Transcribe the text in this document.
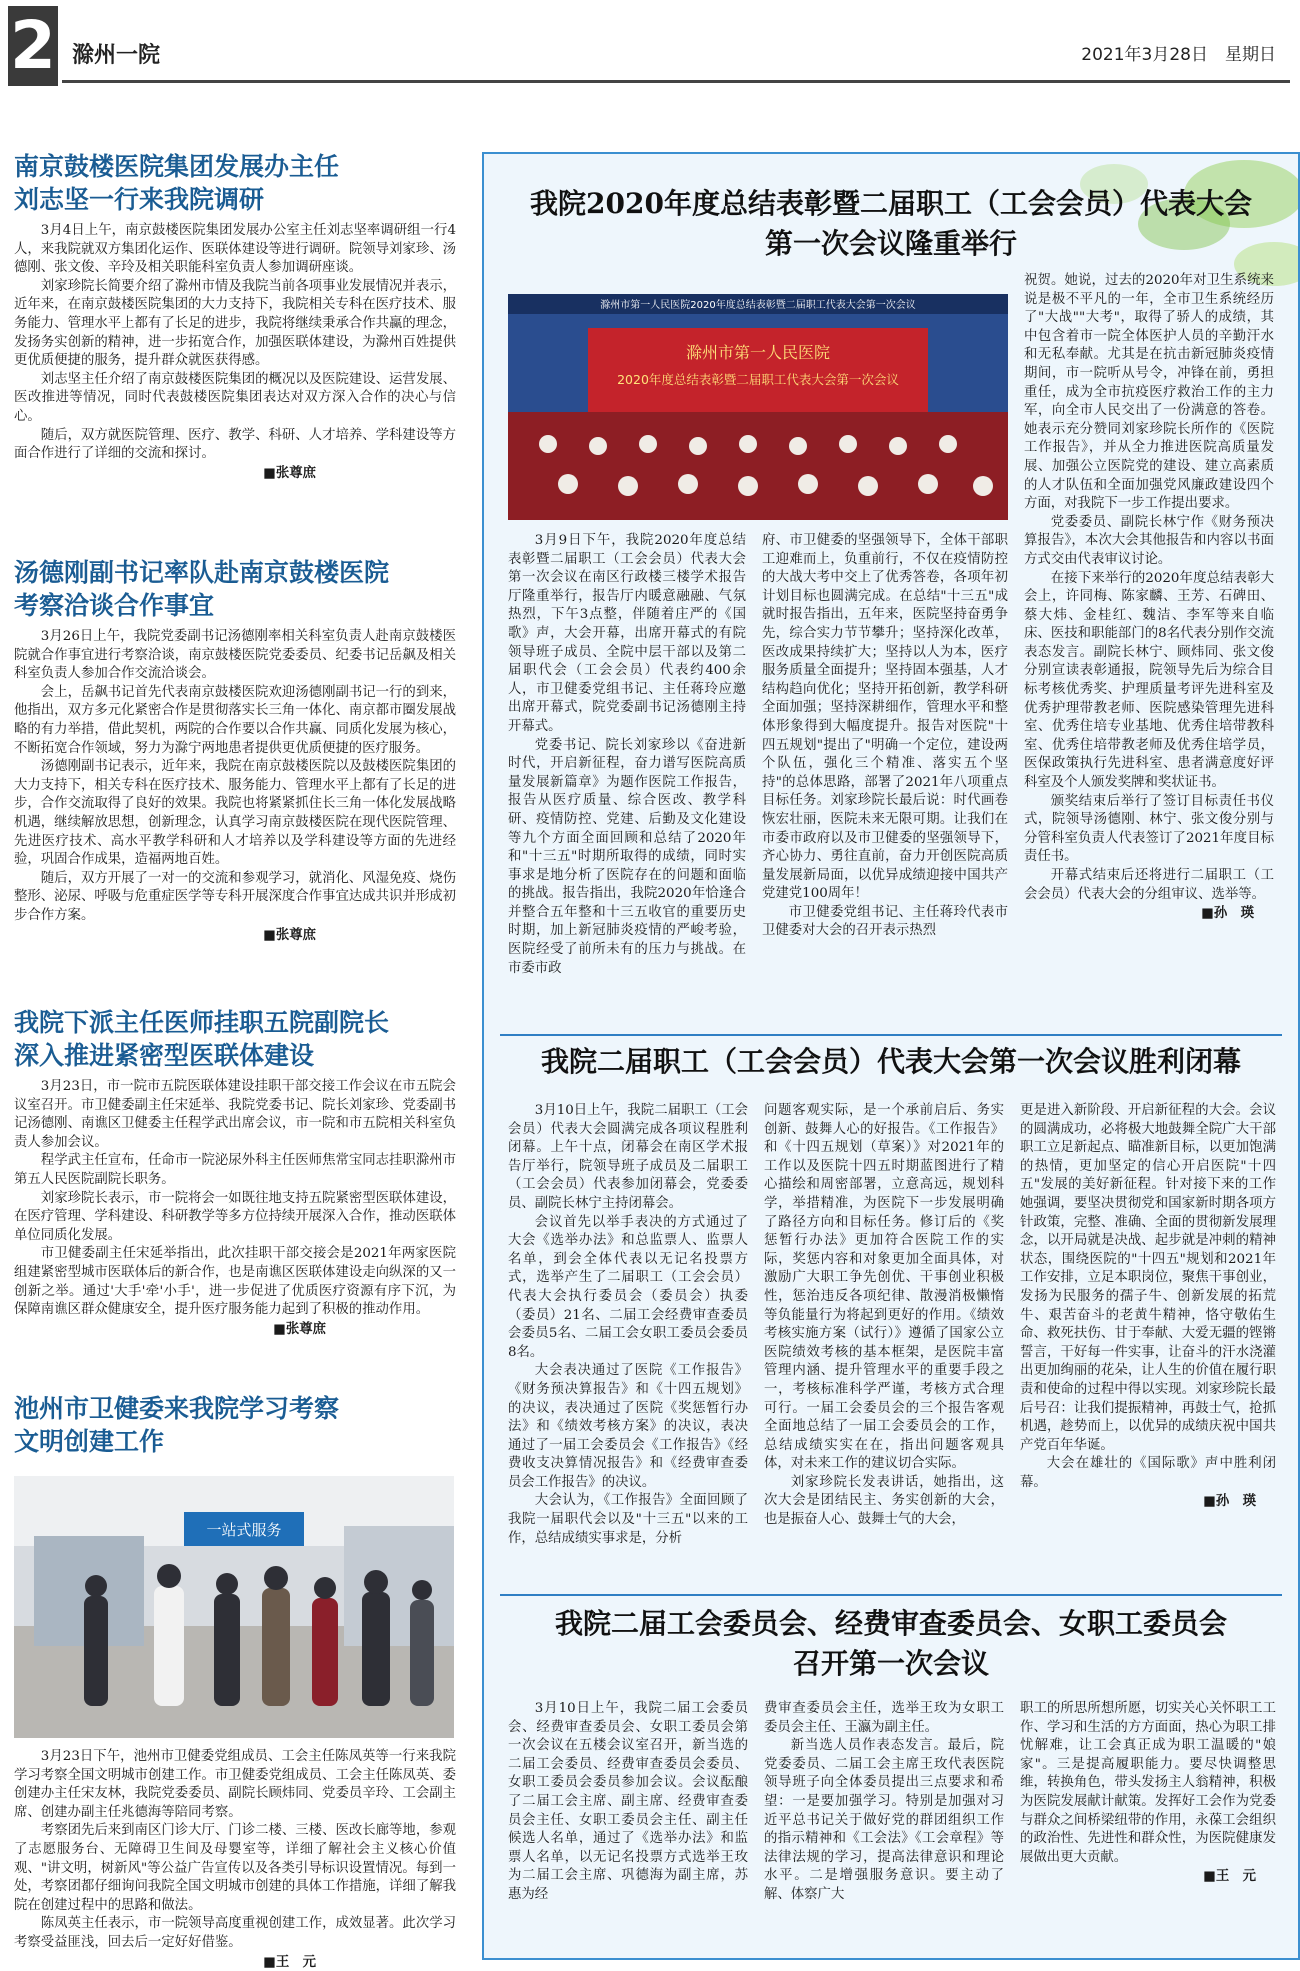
2 滁州一院	2021年3月28日　星期日
南京鼓楼医院集团发展办主任
刘志坚一行来我院调研

3月4日上午，南京鼓楼医院集团发展办公室主任刘志坚率调研组一行4人，来我院就双方集团化运作、医联体建设等进行调研。院领导刘家珍、汤德刚、张文俊、辛玲及相关职能科室负责人参加调研座谈。

刘家珍院长简要介绍了滁州市情及我院当前各项事业发展情况并表示，近年来，在南京鼓楼医院集团的大力支持下，我院相关专科在医疗技术、服务能力、管理水平上都有了长足的进步，我院将继续秉承合作共赢的理念，发扬务实创新的精神，进一步拓宽合作，加强医联体建设，为滁州百姓提供更优质便捷的服务，提升群众就医获得感。

刘志坚主任介绍了南京鼓楼医院集团的概况以及医院建设、运营发展、医改推进等情况，同时代表鼓楼医院集团表达对双方深入合作的决心与信心。

随后，双方就医院管理、医疗、教学、科研、人才培养、学科建设等方面合作进行了详细的交流和探讨。

■张尊庶
汤德刚副书记率队赴南京鼓楼医院
考察洽谈合作事宜

3月26日上午，我院党委副书记汤德刚率相关科室负责人赴南京鼓楼医院就合作事宜进行考察洽谈，南京鼓楼医院党委委员、纪委书记岳飙及相关科室负责人参加合作交流洽谈会。

会上，岳飙书记首先代表南京鼓楼医院欢迎汤德刚副书记一行的到来，他指出，双方多元化紧密合作是贯彻落实长三角一体化、南京都市圈发展战略的有力举措，借此契机，两院的合作要以合作共赢、同质化发展为核心，不断拓宽合作领域，努力为滁宁两地患者提供更优质便捷的医疗服务。

汤德刚副书记表示，近年来，我院在南京鼓楼医院以及鼓楼医院集团的大力支持下，相关专科在医疗技术、服务能力、管理水平上都有了长足的进步，合作交流取得了良好的效果。我院也将紧紧抓住长三角一体化发展战略机遇，继续解放思想，创新理念，认真学习南京鼓楼医院在现代医院管理、先进医疗技术、高水平教学科研和人才培养以及学科建设等方面的先进经验，巩固合作成果，造福两地百姓。

随后，双方开展了一对一的交流和参观学习，就消化、风湿免疫、烧伤整形、泌尿、呼吸与危重症医学等专科开展深度合作事宜达成共识并形成初步合作方案。

■张尊庶
我院下派主任医师挂职五院副院长
深入推进紧密型医联体建设

3月23日，市一院市五院医联体建设挂职干部交接工作会议在市五院会议室召开。市卫健委副主任宋延举、我院党委书记、院长刘家珍、党委副书记汤德刚、南谯区卫健委主任程学武出席会议，市一院和市五院相关科室负责人参加会议。

程学武主任宣布，任命市一院泌尿外科主任医师焦常宝同志挂职滁州市第五人民医院副院长职务。

刘家珍院长表示，市一院将会一如既往地支持五院紧密型医联体建设，在医疗管理、学科建设、科研教学等多方位持续开展深入合作，推动医联体单位同质化发展。

市卫健委副主任宋延举指出，此次挂职干部交接会是2021年两家医院组建紧密型城市医联体后的新合作，也是南谯区医联体建设走向纵深的又一创新之举。通过'大手'牵'小手'，进一步促进了优质医疗资源有序下沉，为保障南谯区群众健康安全，提升医疗服务能力起到了积极的推动作用。

■张尊庶
池州市卫健委来我院学习考察
文明创建工作
一站式服务

3月23日下午，池州市卫健委党组成员、工会主任陈凤英等一行来我院学习考察全国文明城市创建工作。市卫健委党组成员、工会主任陈凤英、委创建办主任宋友林，我院党委委员、副院长顾炜同、党委员辛玲、工会副主席、创建办副主任兆德海等陪同考察。

考察团先后来到南区门诊大厅、门诊二楼、三楼、医改长廊等地，参观了志愿服务台、无障碍卫生间及母婴室等，详细了解社会主义核心价值观、"讲文明，树新风"等公益广告宣传以及各类引导标识设置情况。每到一处，考察团都仔细询问我院全国文明城市创建的具体工作措施，详细了解我院在创建过程中的思路和做法。

陈凤英主任表示，市一院领导高度重视创建工作，成效显著。此次学习考察受益匪浅，回去后一定好好借鉴。

■王　元
我院2020年度总结表彰暨二届职工（工会会员）代表大会
第一次会议隆重举行
滁州市第一人民医院2020年度总结表彰暨二届职工代表大会第一次会议
滁州市第一人民医院
2020年度总结表彰暨二届职工代表大会第一次会议

3月9日下午，我院2020年度总结表彰暨二届职工（工会会员）代表大会第一次会议在南区行政楼三楼学术报告厅隆重举行，报告厅内暖意融融、气氛热烈，下午3点整，伴随着庄严的《国歌》声，大会开幕，出席开幕式的有院领导班子成员、全院中层干部以及第二届职代会（工会会员）代表约400余人，市卫健委党组书记、主任蒋玲应邀出席开幕式，院党委副书记汤德刚主持开幕式。

党委书记、院长刘家珍以《奋进新时代，开启新征程，奋力谱写医院高质量发展新篇章》为题作医院工作报告，报告从医疗质量、综合医改、教学科研、疫情防控、党建、后勤及文化建设等九个方面全面回顾和总结了2020年和"十三五"时期所取得的成绩，同时实事求是地分析了医院存在的问题和面临的挑战。报告指出，我院2020年恰逢合并整合五年整和十三五收官的重要历史时期，加上新冠肺炎疫情的严峻考验，医院经受了前所未有的压力与挑战。在市委市政

府、市卫健委的坚强领导下，全体干部职工迎难而上，负重前行，不仅在疫情防控的大战大考中交上了优秀答卷，各项年初计划目标也圆满完成。在总结"十三五"成就时报告指出，五年来，医院坚持奋勇争先，综合实力节节攀升；坚持深化改革，医改成果持续扩大；坚持以人为本，医疗服务质量全面提升；坚持固本强基，人才结构趋向优化；坚持开拓创新，教学科研全面加强；坚持深耕细作，管理水平和整体形象得到大幅度提升。报告对医院"十四五规划"提出了"明确一个定位，建设两个队伍，强化三个精准、落实五个坚持"的总体思路，部署了2021年八项重点目标任务。刘家珍院长最后说：时代画卷恢宏壮丽，医院未来无限可期。让我们在市委市政府以及市卫健委的坚强领导下，齐心协力、勇往直前，奋力开创医院高质量发展新局面，以优异成绩迎接中国共产党建党100周年！

市卫健委党组书记、主任蒋玲代表市卫健委对大会的召开表示热烈

祝贺。她说，过去的2020年对卫生系统来说是极不平凡的一年，全市卫生系统经历了"大战""大考"，取得了骄人的成绩，其中包含着市一院全体医护人员的辛勤汗水和无私奉献。尤其是在抗击新冠肺炎疫情期间，市一院听从号令，冲锋在前，勇担重任，成为全市抗疫医疗救治工作的主力军，向全市人民交出了一份满意的答卷。她表示充分赞同刘家珍院长所作的《医院工作报告》，并从全力推进医院高质量发展、加强公立医院党的建设、建立高素质的人才队伍和全面加强党风廉政建设四个方面，对我院下一步工作提出要求。

党委委员、副院长林宁作《财务预决算报告》，本次大会其他报告和内容以书面方式交由代表审议讨论。

在接下来举行的2020年度总结表彰大会上，许同梅、陈家麟、王芳、石碑田、蔡大炜、金桂红、魏洁、李军等来自临床、医技和职能部门的8名代表分别作交流表态发言。副院长林宁、顾炜同、张文俊分别宣读表彰通报，院领导先后为综合目标考核优秀奖、护理质量考评先进科室及优秀护理带教老师、医院感染管理先进科室、优秀住培专业基地、优秀住培带教科室、优秀住培带教老师及优秀住培学员，医保政策执行先进科室、患者满意度好评科室及个人颁发奖牌和奖状证书。

颁奖结束后举行了签订目标责任书仪式，院领导汤德刚、林宁、张文俊分别与分管科室负责人代表签订了2021年度目标责任书。

开幕式结束后还将进行二届职工（工会会员）代表大会的分组审议、选举等。

■孙　瑛
我院二届职工（工会会员）代表大会第一次会议胜利闭幕

3月10日上午，我院二届职工（工会会员）代表大会圆满完成各项议程胜利闭幕。上午十点，闭幕会在南区学术报告厅举行，院领导班子成员及二届职工（工会会员）代表参加闭幕会，党委委员、副院长林宁主持闭幕会。

会议首先以举手表决的方式通过了大会《选举办法》和总监票人、监票人名单，到会全体代表以无记名投票方式，选举产生了二届职工（工会会员）代表大会执行委员会（委员会）执委（委员）21名、二届工会经费审查委员会委员5名、二届工会女职工委员会委员8名。

大会表决通过了医院《工作报告》《财务预决算报告》和《十四五规划》的决议，表决通过了医院《奖惩暂行办法》和《绩效考核方案》的决议，表决通过了一届工会委员会《工作报告》《经费收支决算情况报告》和《经费审查委员会工作报告》的决议。

大会认为，《工作报告》全面回顾了我院一届职代会以及"十三五"以来的工作，总结成绩实事求是，分析

问题客观实际，是一个承前启后、务实创新、鼓舞人心的好报告。《工作报告》和《十四五规划（草案）》对2021年的工作以及医院十四五时期蓝图进行了精心描绘和周密部署，立意高远，规划科学，举措精准，为医院下一步发展明确了路径方向和目标任务。修订后的《奖惩暂行办法》更加符合医院工作的实际，奖惩内容和对象更加全面具体，对激励广大职工争先创优、干事创业积极性，惩治违反各项纪律、散漫消极懒惰等负能量行为将起到更好的作用。《绩效考核实施方案（试行）》遵循了国家公立医院绩效考核的基本框架，是医院丰富管理内涵、提升管理水平的重要手段之一，考核标准科学严谨，考核方式合理可行。一届工会委员会的三个报告客观全面地总结了一届工会委员会的工作，总结成绩实实在在，指出问题客观具体，对未来工作的建议切合实际。

刘家珍院长发表讲话，她指出，这次大会是团结民主、务实创新的大会，也是振奋人心、鼓舞士气的大会，

更是进入新阶段、开启新征程的大会。会议的圆满成功，必将极大地鼓舞全院广大干部职工立足新起点、瞄准新目标，以更加饱满的热情，更加坚定的信心开启医院"十四五"发展的美好新征程。针对接下来的工作她强调，要坚决贯彻党和国家新时期各项方针政策，完整、准确、全面的贯彻新发展理念，以开局就是决战、起步就是冲刺的精神状态，围绕医院的"十四五"规划和2021年工作安排，立足本职岗位，聚焦干事创业，发扬为民服务的孺子牛、创新发展的拓荒牛、艰苦奋斗的老黄牛精神，恪守敬佑生命、救死扶伤、甘于奉献、大爱无疆的铿锵誓言，干好每一件实事，让奋斗的汗水浇灌出更加绚丽的花朵，让人生的价值在履行职责和使命的过程中得以实现。刘家珍院长最后号召：让我们提振精神，再鼓士气，抢抓机遇，趁势而上，以优异的成绩庆祝中国共产党百年华诞。

大会在雄壮的《国际歌》声中胜利闭幕。

■孙　瑛
我院二届工会委员会、经费审查委员会、女职工委员会
召开第一次会议

3月10日上午，我院二届工会委员会、经费审查委员会、女职工委员会第一次会议在五楼会议室召开，新当选的二届工会委员、经费审查委员会委员、女职工委员会委员参加会议。会议酝酿了二届工会主席、副主席、经费审查委员会主任、女职工委员会主任、副主任候选人名单，通过了《选举办法》和监票人名单，以无记名投票方式选举王玫为二届工会主席、巩德海为副主席，苏惠为经

费审查委员会主任，选举王玫为女职工委员会主任、王瀛为副主任。

新当选人员作表态发言。最后，院党委委员、二届工会主席王玫代表医院领导班子向全体委员提出三点要求和希望：一是要加强学习。特别是加强对习近平总书记关于做好党的群团组织工作的指示精神和《工会法》《工会章程》等法律法规的学习，提高法律意识和理论水平。二是增强服务意识。要主动了解、体察广大

职工的所思所想所愿，切实关心关怀职工工作、学习和生活的方方面面，热心为职工排忧解难，让工会真正成为职工温暖的"娘家"。三是提高履职能力。要尽快调整思维，转换角色，带头发扬主人翁精神，积极为医院发展献计献策。发挥好工会作为党委与群众之间桥梁纽带的作用，永葆工会组织的政治性、先进性和群众性，为医院健康发展做出更大贡献。

■王　元
